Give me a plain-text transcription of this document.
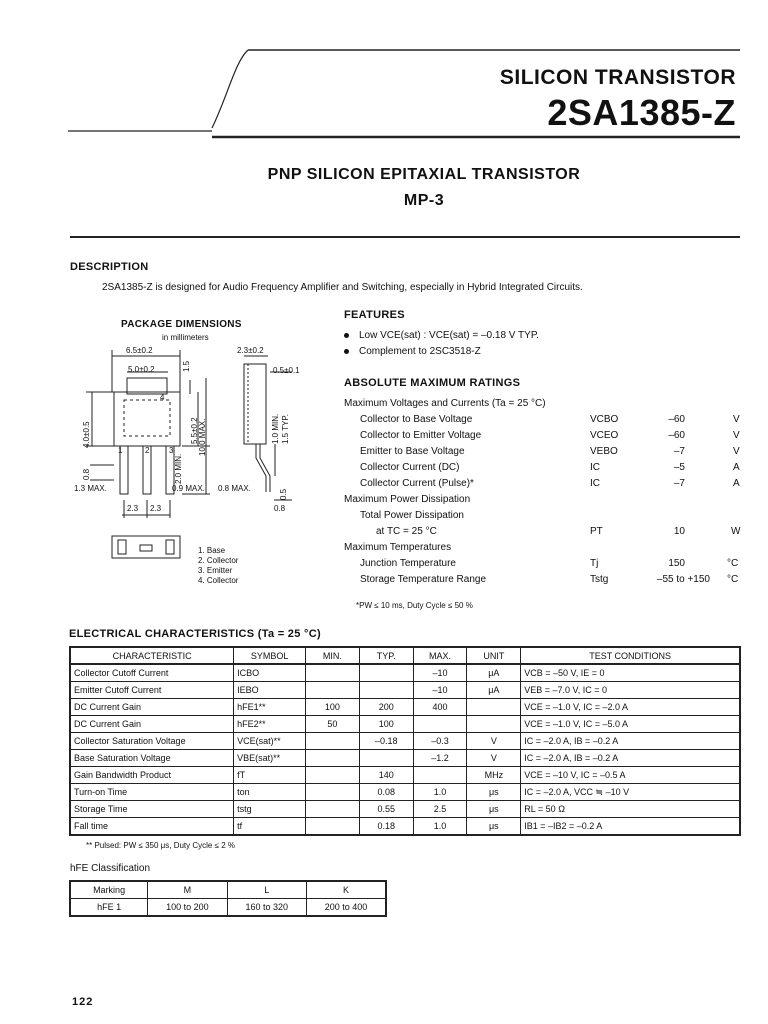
SILICON TRANSISTOR
2SA1385-Z
PNP SILICON EPITAXIAL TRANSISTOR
MP-3
DESCRIPTION
2SA1385-Z is designed for Audio Frequency Amplifier and Switching, especially in Hybrid Integrated Circuits.
PACKAGE DIMENSIONS
in millimeters
6.5±0.2
5.0±0.2
2.3±0.2
0.5±0.1
1.5
4.0±0.5	5.5±0.2 10.0 MAX.
2.0 MIN.
1.0 MIN. 1.5 TYP.
0.8
1.3 MAX.	0.9 MAX. 0.8 MAX.
0.5
2.3 2.3	0.8
4
1	2 3
1. Base
2. Collector
3. Emitter
4. Collector
FEATURES
Low VCE(sat) : VCE(sat) = –0.18 V TYP.
Complement to 2SC3518-Z
ABSOLUTE MAXIMUM RATINGS
Maximum Voltages and Currents (Ta = 25 °C)
Collector to Base Voltage	VCBO	–60	V
Collector to Emitter Voltage	VCEO	–60	V
Emitter to Base Voltage	VEBO	–7	V
Collector Current (DC)	IC	–5	A
Collector Current (Pulse)*	IC	–7	A
Maximum Power Dissipation
Total Power Dissipation
at TC = 25 °C	PT	10	W
Maximum Temperatures
Junction Temperature	Tj	150	°C
Storage Temperature Range	Tstg	–55 to +150 °C
*PW ≤ 10 ms, Duty Cycle ≤ 50 %
ELECTRICAL CHARACTERISTICS (Ta = 25 °C)
CHARACTERISTIC	SYMBOL	MIN.	TYP.	MAX.	UNIT	TEST CONDITIONS
Collector Cutoff Current	ICBO			–10	μA	VCB = –50 V, IE = 0
Emitter Cutoff Current	IEBO			–10	μA	VEB = –7.0 V, IC = 0
DC Current Gain	hFE1**	100	200	400		VCE = –1.0 V, IC = –2.0 A
DC Current Gain	hFE2**	50	100			VCE = –1.0 V, IC = –5.0 A
Collector Saturation Voltage	VCE(sat)**		–0.18	–0.3	V	IC = –2.0 A, IB = –0.2 A
Base Saturation Voltage	VBE(sat)**			–1.2	V	IC = –2.0 A, IB = –0.2 A
Gain Bandwidth Product	fT		140		MHz	VCE = –10 V, IC = –0.5 A
Turn-on Time	ton		0.08	1.0	μs	IC = –2.0 A, VCC ≒ –10 V
Storage Time	tstg		0.55	2.5	μs	RL = 50 Ω
Fall time	tf		0.18	1.0	μs	IB1 = –IB2 = –0.2 A
** Pulsed: PW ≤ 350 μs, Duty Cycle ≤ 2 %
hFE Classification
Marking	M	L	K
hFE 1	100 to 200	160 to 320	200 to 400
122
